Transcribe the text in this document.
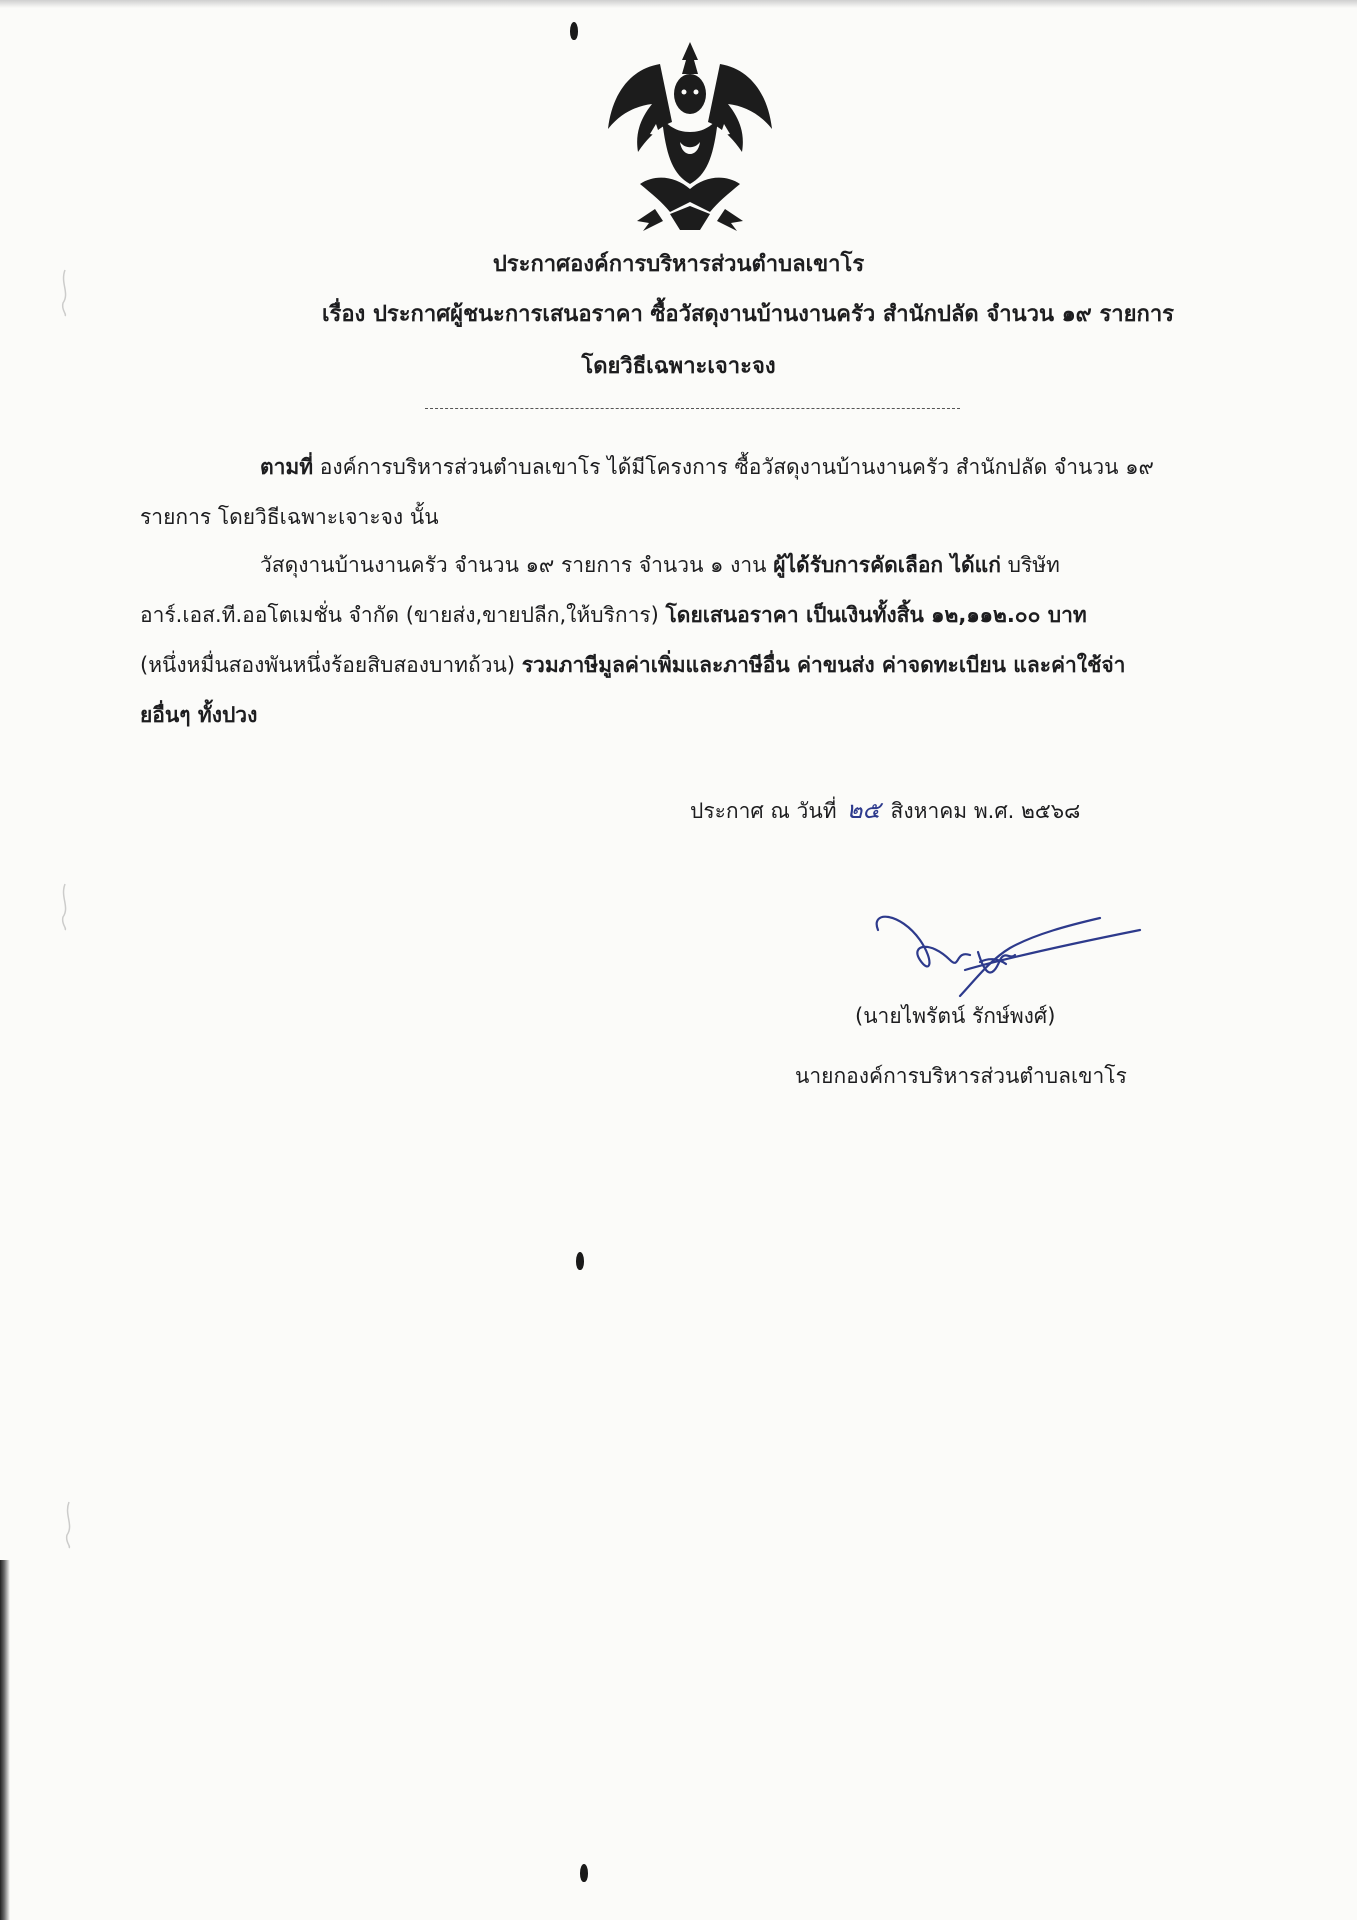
ประกาศองค์การบริหารส่วนตำบลเขาโร
เรื่อง ประกาศผู้ชนะการเสนอราคา ซื้อวัสดุงานบ้านงานครัว สำนักปลัด จำนวน ๑๙ รายการ
โดยวิธีเฉพาะเจาะจง
ตามที่ องค์การบริหารส่วนตำบลเขาโร ได้มีโครงการ ซื้อวัสดุงานบ้านงานครัว สำนักปลัด จำนวน ๑๙ รายการ โดยวิธีเฉพาะเจาะจง นั้น
วัสดุงานบ้านงานครัว จำนวน ๑๙ รายการ จำนวน ๑ งาน ผู้ได้รับการคัดเลือก ได้แก่ บริษัท อาร์.เอส.ที.ออโตเมชั่น จำกัด (ขายส่ง,ขายปลีก,ให้บริการ) โดยเสนอราคา เป็นเงินทั้งสิ้น ๑๒,๑๑๒.๐๐ บาท
(หนึ่งหมื่นสองพันหนึ่งร้อยสิบสองบาทถ้วน) รวมภาษีมูลค่าเพิ่มและภาษีอื่น ค่าขนส่ง ค่าจดทะเบียน และค่าใช้จ่ายอื่นๆ ทั้งปวง
ประกาศ ณ วันที่ ๒๕ สิงหาคม พ.ศ. ๒๕๖๘
(นายไพรัตน์ รักษ์พงศ์)
นายกองค์การบริหารส่วนตำบลเขาโร
